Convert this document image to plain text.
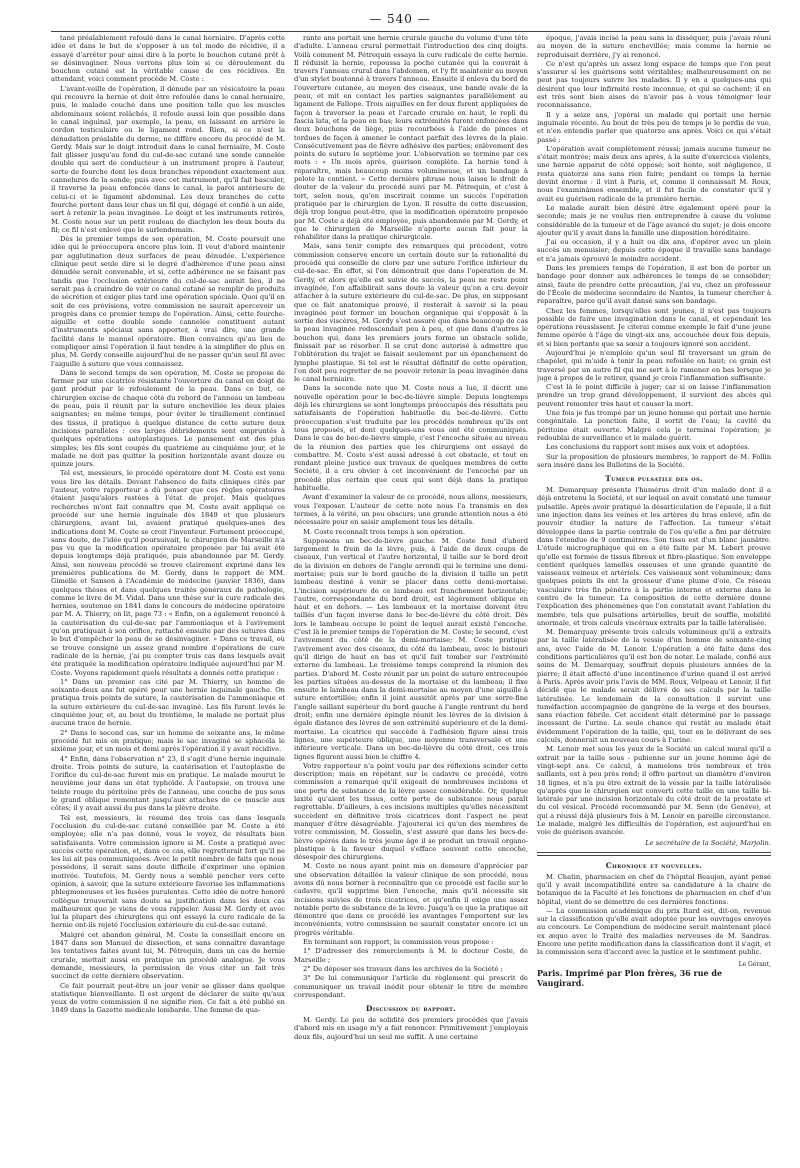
— 540 —

tané préalablement refoulé dans le canal herniaire. D'après cette idée et dans le but de s'opposer à un tel mode de récidive, il a essayé d'arrêter pour ainsi dire à la porte le bouchon cutané prêt à se désinvaginer. Nous verrons plus loin si ce déroulement du bouchon cutané est la véritable cause de ces récidives. En attendant, voici comment procède M. Coste :

L'avant-veille de l'opération, il dénude par un vésicatoire la peau qui recouvre la hernie et doit être refoulée dans le canal herniaire, puis, le malade couché dans une position telle que les muscles abdominaux soient relâchés, il refoule aussi loin que possible dans le canal inguinal, par exemple, la peau, en laissant en arrière le cordon testiculaire ou le ligament rond. Rien, si ce n'est la dénudation préalable du derme, ne diffère encore du procédé de M. Gerdy. Mais sur le doigt introduit dans le canal herniaire, M. Coste fait glisser jusqu'au fond du cul-de-sac cutané une sonde cannelée double qui sert de conducteur à un instrument propre à l'auteur, sorte de fourche dont les deux branches répondent exactement aux cannelures de la sonde; puis avec cet instrument, qu'il fait basculer, il traverse la peau enfoncée dans le canal, la paroi antérieure de celui-ci et le ligament abdominal. Les deux branches de cette fourche portent dans leur chas un fil qui, dégagé et confié à un aide, sert à retenir la peau invaginée. Le doigt et les instruments retirés, M. Coste nouе sur un petit rouleau de diachylon les deux bouts du fil; ce fil n'est enlevé que le surlendemain.

Dès le premier temps de son opération, M. Coste poursuit une idée qui le préoccupera encore plus loin. Il veut d'abord maintenir par agglutination deux surfaces de peau dénudée. L'expérience clinique peut seule dire si le degré d'adhérence d'une peau ainsi dénudée serait convenable, et si, cette adhérence ne se faisant pas tandis que l'occlusion extérieure du cul-de-sac aurait lieu, il ne serait pas à craindre de voir ce canal cutané se remplir de produits de sécrétion et exiger plus tard une opération spéciale. Quoi qu'il en soit de ces prévisions, votre commission ne saurait apercevoir un progrès dans ce premier temps de l'opération. Ainsi, cette fourche-aiguille et cette double sonde cannelée constituent autant d'instruments spéciaux sans apporter, à vrai dire, une grande facilité dans le manuel opératoire. Bien convaincu qu'au lieu de compliquer ainsi l'opération il faut tendre à la simplifier de plus en plus, M. Gerdy conseille aujourd'hui de ne passer qu'un seul fil avec l'aiguille à suture que vous connaissez.

Dans le second temps de son opération, M. Coste se propose de fermer par une cicatrice résistante l'ouverture du canal en doigt de gant produit par le refoulement de la peau. Dans ce but, ce chirurgien excise de chaque côté du rebord de l'anneau un lambeau de peau, puis il réunit par la suture enchevillée les deux plaies saignantes; en même temps, pour éviter le tiraillement continuel des tissus, il pratique à quelque distance de cette suture deux incisions parallèles : ces larges débridements sont empruntés à quelques opérations autoplastiques. Le pansement est des plus simples; les fils sont coupés du quatrième au cinquième jour, et le malade ne doit pas quitter la position horizontale avant douze ou quinze jours.

Tel est, messieurs, le procédé opératoire dont M. Coste est venu vous lire les détails. Devant l'absence de faits cliniques cités par l'auteur, votre rapporteur a dû penser que ces règles opératoires étaient jusqu'alors restées à l'état de projet. Mais quelques recherches m'ont fait connaître que M. Coste avait appliqué ce procédé sur une hernie inguinale dès 1849 et que plusieurs chirurgiens, avant lui, avaient pratiqué quelques-unes des indications dont M. Coste se croit l'inventeur. Fortement préoccupé, sans doute, de l'idée qu'il poursuivait, le chirurgien de Marseille n'a pas vu que la modification opératoire proposée par lui avait été depuis longtemps déjà pratiquée, puis abandonnée par M. Gerdy. Ainsi, son nouveau procédé se trouve clairement exprimé dans les premières publications de M. Gerdy, dans le rapport de MM. Gimelle et Sanson à l'Académie de médecine (janvier 1836), dans quelques thèses et dans quelques traités généraux de pathologie, comme le livre de M. Vidal. Dans une thèse sur la cure radicale des hernies, soutenue en 1841 dans le concours de médecine opératoire par M. A. Thierry, on lit, page 73 : « Enfin, on a également renoncé à la cautérisation du cul-de-sac par l'ammoniaque et à l'avivement qu'on pratiquait à son orifice, rattaché ensuite par des sutures dans le but d'empêcher la peau de se désinvaginer. » Dans ce travail, où se trouve consigné un assez grand nombre d'opérations de cure radicale de la hernie, j'ai pu compter trois cas dans lesquels avait été pratiquée la modification opératoire indiquée aujourd'hui par M. Coste. Voyons rapidement quels résultats a donnés cette pratique :

1° Dans un premier cas cité par M. Thierry, un homme de soixante-deux ans fut opéré pour une hernie inguinale gauche. On pratiqua trois points de suture, la cautérisation de l'ammoniaque et la suture extérieure du cul-de-sac invaginé. Les fils furent levés le cinquième jour, et, au bout du trentième, le malade ne portait plus aucune trace de hernie.

2° Dans le second cas, sur un homme de soixante ans, le même procédé fut mis en pratique; mais le sac invaginé se sphacéla le sixième jour, et un mois et demi après l'opération il y avait récidive.

4° Enfin, dans l'observation n° 23, il s'agit d'une hernie inguinale droite. Trois points de suture, la cautérisation et l'autoplastie de l'orifice du cul-de-sac furent mis en pratique. Le malade mourut le neuvième jour dans un état typhoïde. À l'autopsie, on trouva une teinte rouge du péritoine près de l'anneau, une couche de pus sous le grand oblique remontant jusqu'aux attaches de ce muscle aux côtes; il y avait aussi du pus dans la plèvre droite.

Tel est, messieurs, le résumé des trois cas dans lesquels l'occlusion du cul-de-sac cutané conseillée par M. Coste a été employée; elle n'a pas donné, vous le voyez, de résultats bien satisfaisants. Votre commission ignore si M. Coste a pratiqué avec succès cette opération, et, dans ce cas, elle regretterait fort qu'il ne les lui ait pas communiquées. Avec le petit nombre de faits que nous possédons, il serait sans doute difficile d'exprimer une opinion motivée. Toutefois, M. Gerdy nous a semblé pencher vers cette opinion, à savoir, que la suture extérieure favorise les inflammations phlegmoneuses et les fusées purulentes. Cette idée de notre honoré collègue trouverait sans doute sa justification dans les deux cas malheureux que je viens de vous rappeler. Aussi M. Gerdy et avec lui la plupart des chirurgiens qui ont essayé la cure radicale de la hernie ont-ils rejeté l'occlusion extérieure du cul-de-sac cutané.

Malgré cet abandon général, M. Coste la conseillait encore en 1847 dans son Manuel de dissection, et sans connaître davantage les tentatives faites avant lui, M. Pétrequin, dans un cas de hernie crurale, mettait aussi en pratique un procédé analogue. Je vous demande, messieurs, la permission de vous citer un fait très succinct de cette dernière observation.

Ce fait pourrait peut-être un jour venir se glisser dans quelque statistique bienveillante. Il est urgent de déclarer de suite qu'aux yeux de votre commission il ne signifie rien. Ce fait a été publié en 1849 dans la Gazette médicale lombarde. Une femme de qua-

rante ans portait une hernie crurale gauche du volume d'une tête d'adulte. L'anneau crural permettait l'introduction des cinq doigts. Voilà comment M. Pétrequin essaya la cure radicale de cette hernie. Il réduisit la hernie, repoussa la poche cutanée qui la couvrait à travers l'anneau crural dans l'abdomen, et l'y fit maintenir au moyen d'un stylet boutonné à travers l'anneau. Ensuite il enleva du bord de l'ouverture cutanée, au moyen des ciseaux, une bande ovale de la peau, et mit en contact les parties saignantes parallèlement au ligament de Fallope. Trois aiguilles en fer doux furent appliquées de façon à traverser la peau et l'arcade crurale en haut, le repli du fascia lata, et la peau en bas; leurs extrémités furent enfoncées dans deux bouchons de liège, puis recourbées à l'aide de pinces et tordues de façon à amener le contact parfait des lèvres de la plaie. Consécutivement pas de fièvre adhésive des parties; enlèvement des points de suture le septième jour. L'observation se termine par ces mots : « Un mois après, guérison complète. La hernie tend à reparaître, mais beaucoup moins volumineuse, et un bandage à pelote la contient. » Cette dernière phrase nous laisse le droit de douter de la valeur du procédé suivi par M. Pétrequin, et c'est à tort, selon nous, qu'on inscrirait comme un succès l'opération pratiquée par le chirurgien de Lyon. Il résulte de cette discussion, déjà trop longue peut-être, que la modification opératoire proposée par M. Coste a déjà été employée, puis abandonnée par M. Gerdy, et que le chirurgien de Marseille n'apporte aucun fait pour la réhabiliter dans la pratique chirurgicale.

Mais, sans tenir compte des remarques qui précèdent, votre commission conserve encore un certain doute sur la rationalité du procédé qui conseille de clore par une suture l'orifice inférieur du cul-de-sac. En effet, si l'on démontrait que dans l'opération de M. Gerdy, et alors qu'elle est suivie de succès, la peau ne reste point invaginée, l'on affaiblirait sans doute la valeur qu'on a cru devoir attacher à la suture extérieure du cul-de-sac. De plus, en supposant que ce fait anatomique prouvé, il resterait à savoir si la peau invaginée peut former un bouchon organique qui s'opposât à la sortie des viscères, M. Gerdy s'est assuré que dans beaucoup de cas la peau invaginée redescendait peu à peu, et que dans d'autres le bouchon qui, dans les premiers jours forme un obstacle solide, finissait par se résorber. Il se crut donc autorisé à admettre que l'oblitération du trajet se faisait seulement par un épanchement de lymphe plastique. Si tel est le résultat définitif de cette opération, l'on doit peu regretter de ne pouvoir retenir la peau invaginée dans le canal herniaire.

Dans la seconde note que M. Coste nous a lue, il décrit une nouvelle opération pour le bec-de-lièvre simple. Depuis longtemps déjà les chirurgiens se sont longtemps préoccupés des résultats peu satisfaisants de l'opération habituelle du bec-de-lièvre. Cette préoccupation s'est traduite par les procédés nombreux qu'ils ont tous proposés, et dont quelques-uns vous ont été communiqués. Dans le cas de bec-de-lièvre simple, c'est l'encoche située au niveau de la réunion des parties que les chirurgiens ont essayé de combattre. M. Coste s'est aussi adressé à cet obstacle, et tout en rendant pleine justice aux travaux de quelques membres de cette Société, il a cru obvier à cet inconvénient de l'encoche par un procédé plus certain que ceux qui sont déjà dans la pratique habituelle.

Avant d'examiner la valeur de ce procédé, nous allons, messieurs, vous l'exposer. L'auteur de cette note nous l'a transmis en des termes, à la vérité, un peu obscurs; une grande attention nous a été nécessaire pour en saisir amplement tous les détails.

M. Coste reconnaît trois temps à son opération.

Supposons un bec-de-lièvre gauche. M. Coste fend d'abord largement le frein de la lèvre, puis, à l'aide de deux coups de ciseaux, l'un vertical et l'autre horizontal, il taille sur le bord droit de la division en dehors de l'angle arrondi qui le termine une demi-mortaise; puis sur le bord gauche de la division il taille un petit lambeau destiné à venir se placer dans cette demi-mortaise. L'incision supérieure de ce lambeau est franchement horizontale; l'autre, correspondante du bord droit, est légèrement oblique en haut et en dehors. — Les lambeaux et la mortaise doivent être taillés d'un façon inverse dans le bec-de-lièvre du côté droit. Dès lors le lambeau occupe le point de lequel aurait existé l'encoche. C'est là le premier temps de l'opération de M. Coste; le second, c'est l'avivement du côté de la demi-mortaise; M. Coste pratique l'avivement avec des ciseaux, du côté du lambeau, avec le bistouri qu'il dirige de haut en bas et qu'il fait tomber sur l'extrémité externe du lambeau. Le troisième temps comprend la réunion des parties. D'abord M. Coste réunit par un point de suture entrecoupée les parties situées au-dessus de la mortaise et du lambeau; il fixe ensuite le lambeau dans la demi-mortaise au moyen d'une aiguille à suture entortillée; enfin il joint aussitôt après par une serre-fine l'angle saillant supérieur du bord gauche à l'angle rentrant du bord droit; enfin une dernière épingle réunit les lèvres de la division à égale distance des lèvres de son extrémité supérieure et de la demi-mortaise. La cicatrice qui succède à l'adhésion figure ainsi trois lignes, une supérieure oblique, une moyenne transversale et une inférieure verticale. Dans un bec-de-lièvre du côté droit, ces trois lignes figurent aussi bien le chiffre 4.

Votre rapporteur n'a point voulu par des réflexions scinder cette description; mais en répétant sur le cadavre ce procédé, votre commission a remarqué qu'il exigeait de nombreuses incisions et une perte de substance de la lèvre assez considérable. Or, quelque laxité qu'aient les tissus, cette perte de substance nous paraît regrettable. D'ailleurs, à ces incisions multiples qu'elles nécessitent succèdent en définitive trois cicatrices dont l'aspect ne peut manquer d'être désagréable. J'ajouterai ici qu'un des membres de votre commission, M. Gosselin, s'est assuré que dans les becs-de-lièvre opérés dans le très jeune âge il se produit un travail organo-plastique à la faveur duquel s'efface souvent cette encoche, désespoir des chirurgiens.

M. Coste ne nous ayant point mis en demeure d'apprécier par une observation détaillée la valeur clinique de son procédé, nous avons dû nous borner à reconnaître que ce procédé est facile sur le cadavre, qu'il supprime bien l'encoche, mais qu'il nécessite six incisions suivies de trois cicatrices, et qu'enfin il exige une assez notable perte de substance de la lèvre. Jusqu'à ce que la pratique ait démontré que dans ce procédé les avantages l'emportent sur les inconvénients, votre commission ne saurait constater encore ici un progrès véritable.

En terminant son rapport, la commission vous propose :

1° D'adresser des remerciements à M. le docteur Coste, de Marseille ;

2° De déposer ses travaux dans les archives de la Société ;

3° De lui communiquer l'article du règlement qui prescrit de communiquer un travail inédit pour obtenir le titre de membre correspondant.

Discussion du rapport.

M. Gerdy. Le peu de solidité des premiers procédés que j'avais d'abord mis en usage m'y a fait renoncer. Primitivement j'employais deux fils, aujourd'hui un seul me suffit. À une certaine

époque, j'avais incisé la peau sans la disséquer, puis j'avais réuni au moyen de la suture enchevillée; mais comme la hernie se reproduisait derrière, j'y ai renoncé.

Ce n'est qu'après un assez long espace de temps que l'on peut s'assurer si les guérisons sont véritables; malheureusement on ne peut pas toujours suivre les malades. Il y en a quelques-uns qui désirent que leur infirmité reste inconnue, et qui se cachent; il en est très sont bien aises de n'avoir pas à vous témoigner leur reconnaissance.

Il y a seize ans, j'opérai un malade qui portait une hernie inguinale récente. Au bout de très peu de temps je le perdis de vue, et n'en entendis parler que quatorze ans après. Voici ce qui s'était passé :

L'opération avait complètement réussi; jamais aucune tumeur ne s'était montrée; mais deux ans après, à la suite d'exercices violents, une hernie apparut de côté opposé; soit honte, soit négligence, il resta quatorze ans sans rien faire; pendant ce temps la hernie devint énorme : il vint à Paris, et, comme il connaissait M. Roux, nous l'examinâmes ensemble, et il fut facile de constater qu'il y avait eu guérison radicale de la première hernie.

Le malade aurait bien désiré être également opéré pour la seconde; mais je ne voulus rien entreprendre à cause du volume considérable de la tumeur et de l'âge avancé du sujet; je dois encore ajouter qu'il y avait dans la famille une disposition héréditaire.

J'ai eu occasion, il y a huit ou dix ans, d'opérer avec un plein succès un menuisier; depuis cette époque il travaille sans bandage et n'a jamais éprouvé le moindre accident.

Dans les premiers temps de l'opération, il est bon de porter un bandage pour donner aux adhérences le temps de se consolider; ainsi, faute de prendre cette précaution, j'ai vu, chez un professeur de l'École de médecine secondaire de Nantes, la tumeur chercher à reparaître, parce qu'il avait dansé sans son bandage.

Chez les femmes, lorsqu'elles sont jeunes, il n'est pas toujours possible de faire une invagination dans le canal, et cependant les opérations réussissent. Je citerai comme exemple le fait d'une jeune femme opérée à l'âge de vingt-six ans, accouchée deux fois depuis, et si bien portante que sa sœur a toujours ignoré son accident.

Aujourd'hui je n'emploie qu'un seul fil traversant un grain de chapelet, qui m'aide à tenir la peau refoulée en haut; ce grain est traversé par un autre fil qui me sert à le ramener en bas lorsque je juge à propos de le retirer, quand je crois l'inflammation suffisante.

C'est là le point difficile à juger; car si on laisse l'inflammation prendre un trop grand développement, il survient des abcès qui peuvent remonter très haut et causer la mort.

Une fois je fus trompé par un jeune homme qui portait une hernie congénitale. La ponction faite, il sortit de l'eau; la cavité du péritoine était ouverte. Malgré cela je terminai l'opération; je redoublai de surveillance et le malade guérit.

Les conclusions du rapport sont mises aux voix et adoptées.

Sur la proposition de plusieurs membres, le rapport de M. Follin sera inséré dans les Bulletins de la Société.

Tumeur pulsatile des os.

M. Demarquay présente l'humérus droit d'un malade dont il a déjà entretenu la Société, et sur lequel on avait constaté une tumeur pulsatile. Après avoir pratiqué la désarticulation de l'épaule, il a fait une injection dans les veines et les artères du bras enlevé, afin de pouvoir étudier la nature de l'affection. La tumeur s'était développée dans la partie centrale de l'os qu'elle a fini par détruire dans l'étendue de 9 centimètres. Son tissu est d'un blanc jaunâtre. L'étude micrographique qui en a été faite par M. Lebert prouve qu'elle est formée de tissus fibreux et fibro-plastique. Son enveloppe contient quelques lamelles osseuses et une grande quantité de vaisseaux veineux et artériels. Ces vaisseaux sont volumineux; dans quelques points ils ont la grosseur d'une plume d'oie. Ce réseau vasculaire très fin pénètre à la partie interne et externe dans le centre de la tumeur. La composition de cette dernière donne l'explication des phénomènes que l'on constatait avant l'ablation du membre, tels que pulsations artérielles, bruit de souffle, mobilité anormale, et trois calculs viscéraux extraits par la taille latéralisée.

M. Demarquay présente trois calculs volumineux qu'il a extraits par la taille latéralisée de la vessie d'un homme de soixante-cinq ans, avec l'aide de M. Lenoir. L'opération a été faite dans des conditions particulières qu'il est bon de noter. Le malade, confié aux soins de M. Demarquay, souffrait depuis plusieurs années de la pierre; il était affecté d'une incontinence d'urine quand il est arrivé à Paris. Après avoir pris l'avis de MM. Roux, Velpeau et Lenoir, il fut décidé que le malade serait délivré de ses calculs par la taille latéralisée. Le lendemain de la consultation il survint une tuméfaction accompagnée de gangrène de la verge et des bourses, sans réaction fébrile. Cet accident était déterminé par le passage incessant de l'urine. La seule chance qui restât au malade était évidemment l'opération de la taille, qui, tout en le délivrant de ses calculs, donnerait un nouveau cours à l'urine.

M. Lenoir met sous les yeux de la Société un calcul mural qu'il a extrait par la taille sous - pubienne sur un jeune homme âgé de vingt-sept ans. Ce calcul, à mamelons très nombreux et très saillants, est à peu près rond; il offre partout un diamètre d'environ 18 lignes, et n'a pu être extrait de la vessie par la taille latéralisée qu'après que le chirurgien eut converti cette taille en une taille bi-latérale par une incision horizontale du côté droit de la prostate et du col vésical. Procédé recommandé par M. Senn (de Genève), et qui a réussi déjà plusieurs fois à M. Lenoir en pareille circonstance. Le malade, malgré les difficultés de l'opération, est aujourd'hui en voie de guérison avancée.

Le secrétaire de la Société, Marjolin.
Chronique et nouvelles.

M. Chatin, pharmacien en chef de l'hôpital Beaujon, ayant pensé qu'il y avait incompatibilité entre sa candidature à la chaire de botanique de la Faculté et les fonctions de pharmacien en chef d'un hôpital, vient de se démettre de ces dernières fonctions.

— La commission académique du prix Itard est, dit-on, revenue sur la classification qu'elle avait adoptée pour les ouvrages envoyés au concours. Le Compendium de médecine serait maintenant placé ex æquo avec le Traité des maladies nerveuses de M. Sandras. Encore une petite modification dans la classification dont il s'agit, et la commission sera d'accord avec la justice et le sentiment public.

Le Gérant,
Paris. Imprimé par Plon frères, 36 rue de Vaugirard.
